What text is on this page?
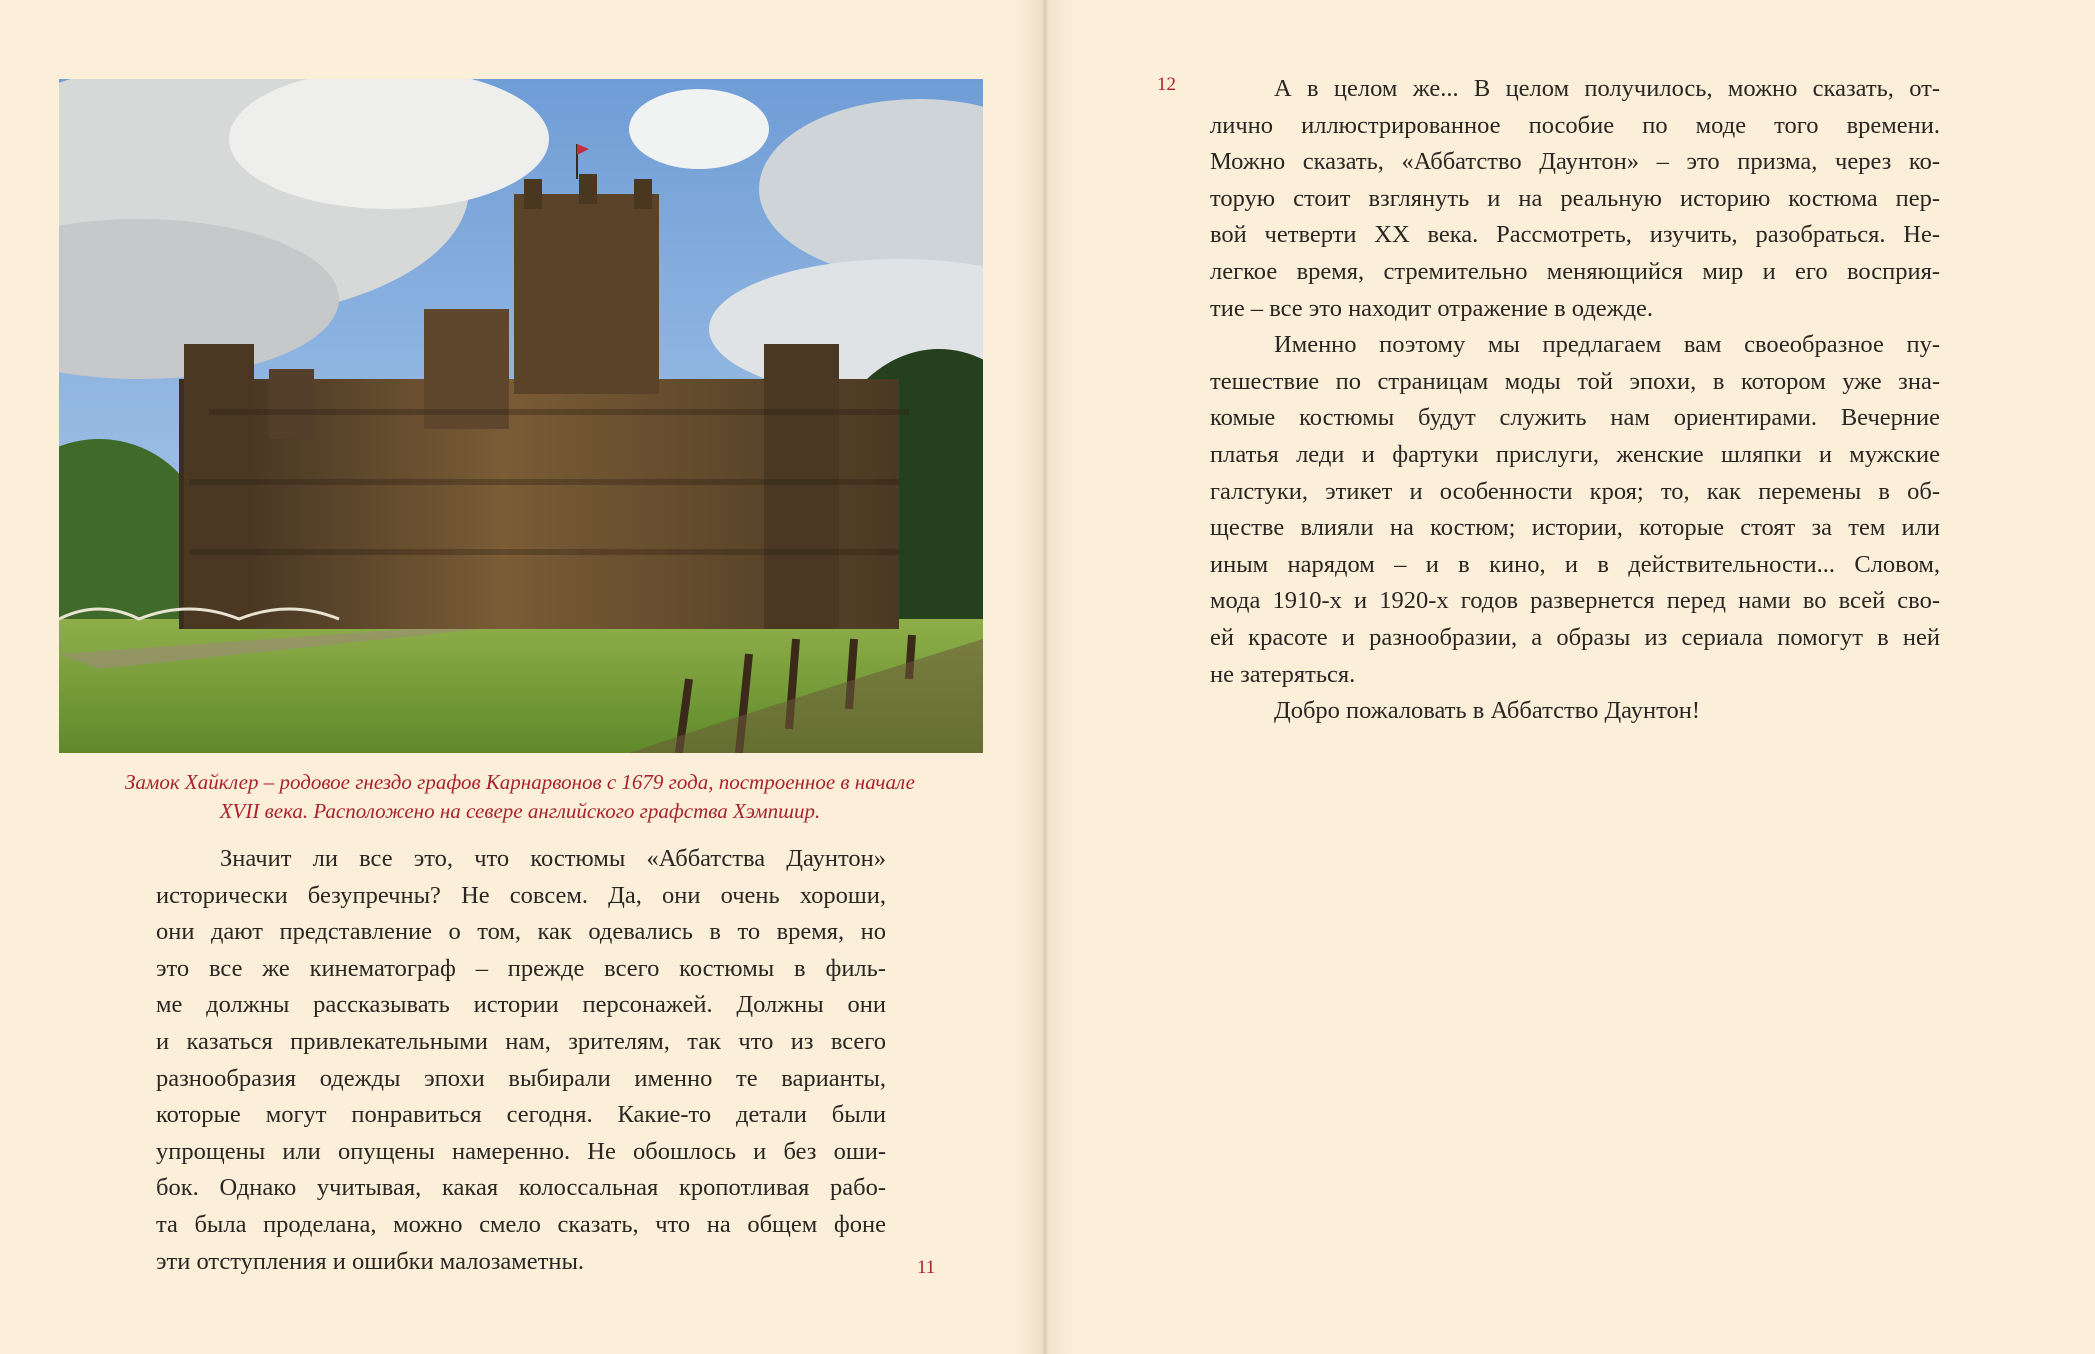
Замок Хайклер – родовое гнездо графов Карнарвонов с 1679 года, построенное в начале
XVII века. Расположено на севере английского графства Хэмпшир.

Значит ли все это, что костюмы «Аббатства Даунтон»

исторически безупречны? Не совсем. Да, они очень хороши,

они дают представление о том, как одевались в то время, но

это все же кинематограф – прежде всего костюмы в филь-

ме должны рассказывать истории персонажей. Должны они

и казаться привлекательными нам, зрителям, так что из всего

разнообразия одежды эпохи выбирали именно те варианты,

которые могут понравиться сегодня. Какие-то детали были

упрощены или опущены намеренно. Не обошлось и без оши-

бок. Однако учитывая, какая колоссальная кропотливая рабо-

та была проделана, можно смело сказать, что на общем фоне

эти отступления и ошибки малозаметны.	11
12	А в целом же... В целом получилось, можно сказать, от-

лично иллюстрированное пособие по моде того времени.

Можно сказать, «Аббатство Даунтон» – это призма, через ко-

торую стоит взглянуть и на реальную историю костюма пер-

вой четверти XX века. Рассмотреть, изучить, разобраться. Не-

легкое время, стремительно меняющийся мир и его восприя-

тие – все это находит отражение в одежде.

Именно поэтому мы предлагаем вам своеобразное пу-

тешествие по страницам моды той эпохи, в котором уже зна-

комые костюмы будут служить нам ориентирами. Вечерние

платья леди и фартуки прислуги, женские шляпки и мужские

галстуки, этикет и особенности кроя; то, как перемены в об-

ществе влияли на костюм; истории, которые стоят за тем или

иным нарядом – и в кино, и в действительности... Словом,

мода 1910-х и 1920-х годов развернется перед нами во всей сво-

ей красоте и разнообразии, а образы из сериала помогут в ней

не затеряться.

Добро пожаловать в Аббатство Даунтон!
